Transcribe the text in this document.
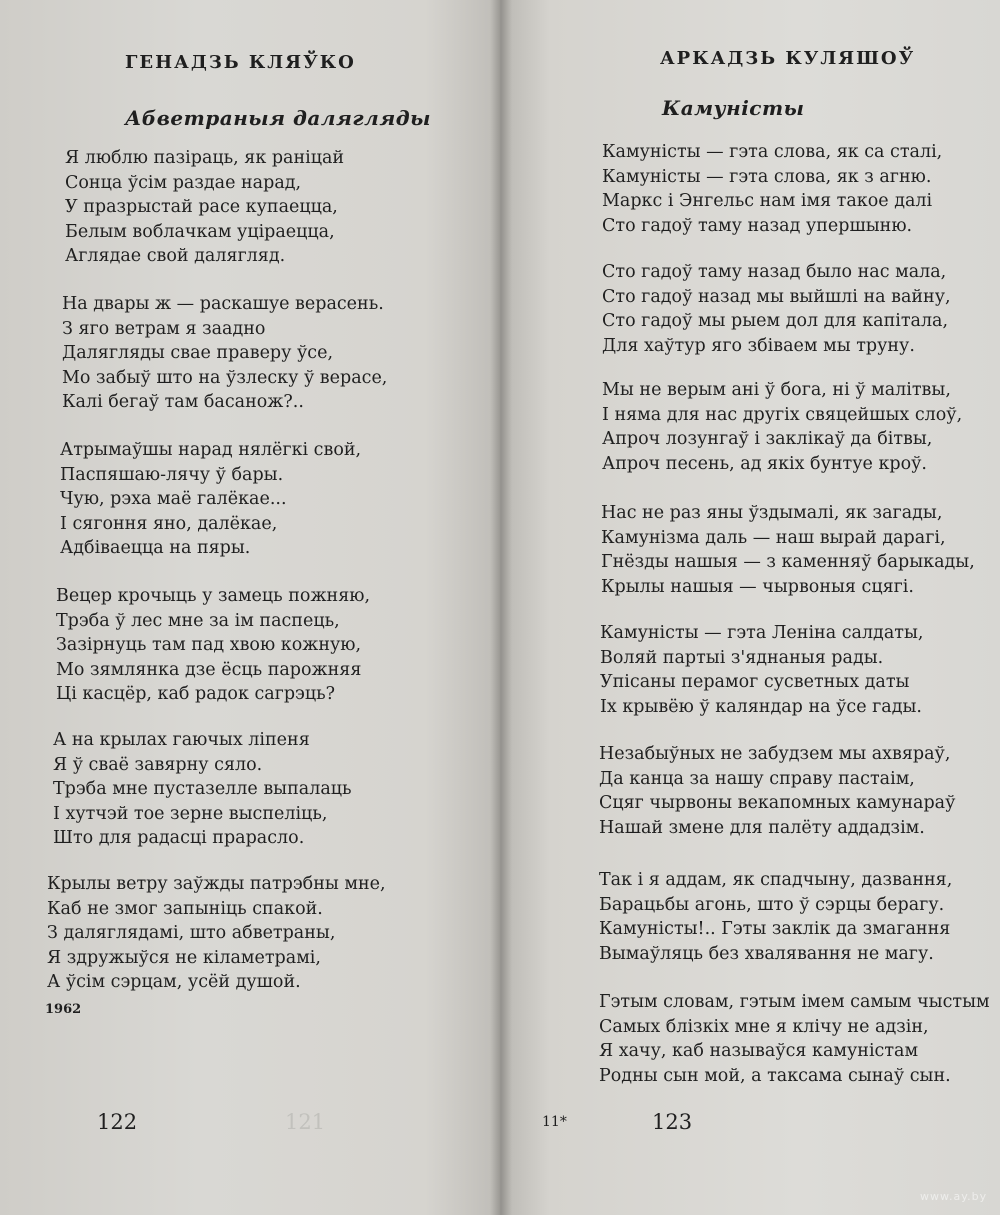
ГЕНАДЗЬ КЛЯЎКО
Абветраныя далягляды
Я люблю пазіраць, як раніцай
Сонца ўсім раздае нарад,
У празрыстай расе купаецца,
Белым воблачкам уціраецца,
Аглядае свой далягляд.
На двары ж — раскашуе верасень.
З яго ветрам я заадно
Далягляды свае праверу ўсе,
Мо забыў што на ўзлеску ў верасе,
Калі бегаў там басанож?..
Атрымаўшы нарад нялёгкі свой,
Паспяшаю-лячу ў бары.
Чую, рэха маё галёкае...
І сягоння яно, далёкае,
Адбіваецца на пяры.
Вецер крочыць у замець пожняю,
Трэба ў лес мне за ім паспець,
Зазірнуць там пад хвою кожную,
Мо зямлянка дзе ёсць парожняя
Ці касцёр, каб радок сагрэць?
А на крылах гаючых ліпеня
Я ў сваё завярну сяло.
Трэба мне пустазелле выпалаць
І хутчэй тое зерне выспеліць,
Што для радасці прарасло.
Крылы ветру заўжды патрэбны мне,
Каб не змог запыніць спакой.
З даляглядамі, што абветраны,
Я здружыўся не кіламетрамі,
А ўсім сэрцам, усёй душой.

1962

121

122

АРКАДЗЬ КУЛЯШОЎ
Камуністы
Камуністы — гэта слова, як са сталі,
Камуністы — гэта слова, як з агню.
Маркс і Энгельс нам імя такое далі
Сто гадоў таму назад упершыню.
Сто гадоў таму назад было нас мала,
Сто гадоў назад мы выйшлі на вайну,
Сто гадоў мы рыем дол для капітала,
Для хаўтур яго збіваем мы труну.
Мы не верым ані ў бога, ні ў малітвы,
І няма для нас другіх свяцейшых слоў,
Апроч лозунгаў і заклікаў да бітвы,
Апроч песень, ад якіх бунтуе кроў.
Нас не раз яны ўздымалі, як загады,
Камунізма даль — наш вырай дарагі,
Гнёзды нашыя — з каменняў барыкады,
Крылы нашыя — чырвоныя сцягі.
Камуністы — гэта Леніна салдаты,
Воляй партыі з'яднаныя рады.
Упісаны перамог сусветных даты
Іх крывёю ў каляндар на ўсе гады.
Незабыўных не забудзем мы ахвяраў,
Да канца за нашу справу пастаім,
Сцяг чырвоны векапомных камунараў
Нашай змене для палёту аддадзім.
Так і я аддам, як спадчыну, дазвання,
Барацьбы агонь, што ў сэрцы берагу.
Камуністы!.. Гэты заклік да змагання
Вымаўляць без хвалявання не магу.
Гэтым словам, гэтым імем самым чыстым
Самых блізкіх мне я клічу не адзін,
Я хачу, каб называўся камуністам
Родны сын мой, а таксама сынаў сын.

11*	123

www.ay.by
